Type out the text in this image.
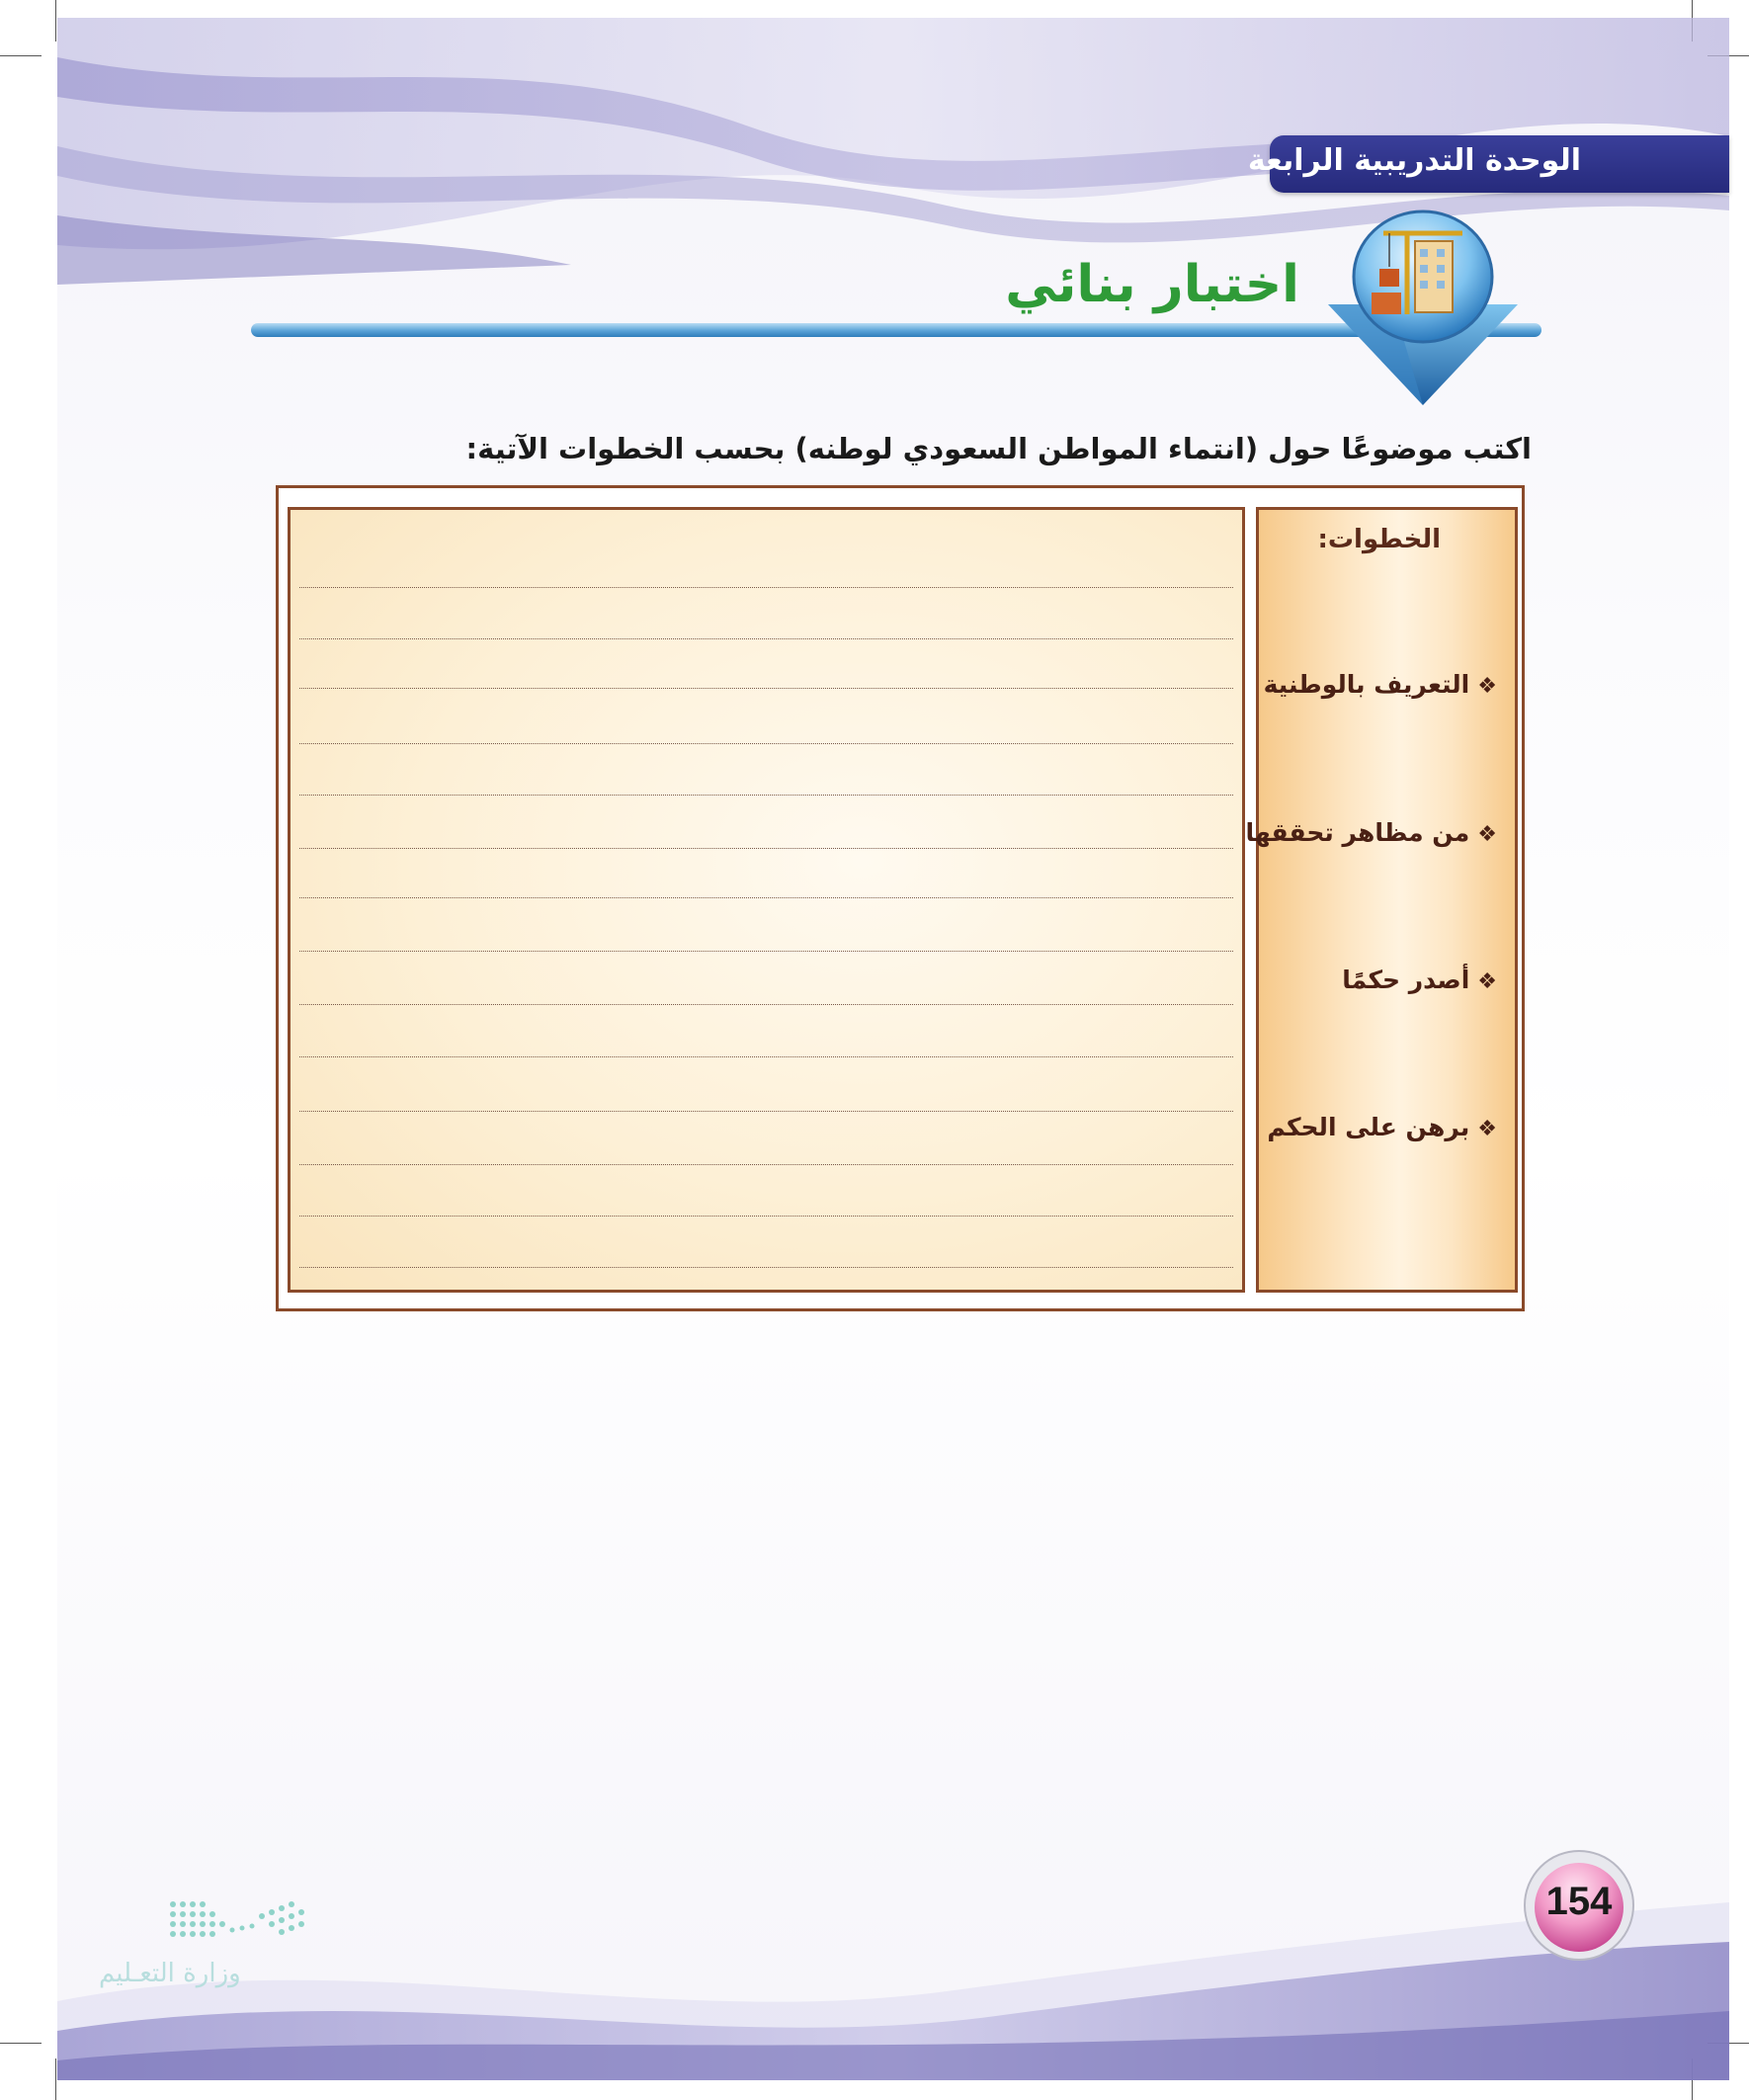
الوحدة التدريبية الرابعة
اختبار بنائي
اكتب موضوعًا حول (انتماء المواطن السعودي لوطنه) بحسب الخطوات الآتية:
الخطوات:
❖التعريف بالوطنية
❖من مظاهر تحققها
❖أصدر حكمًا
❖برهن على الحكم
154
وزارة التعـليم
